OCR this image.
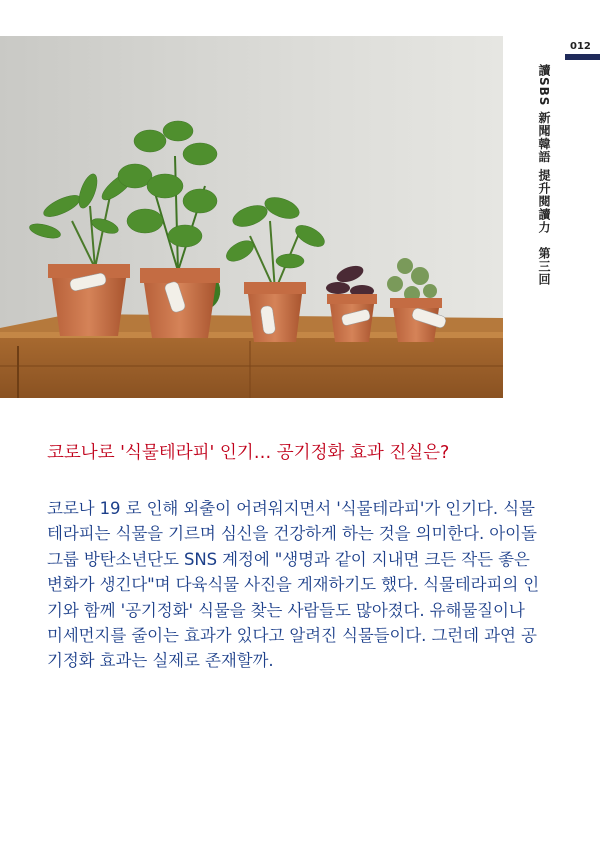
012
讀SBS 新聞韓語 提升閱讀力　第三回
코로나로 '식물테라피' 인기… 공기정화 효과 진실은?

코로나 19 로 인해 외출이 어려워지면서 '식물테라피'가 인기다. 식물테라피는 식물을 기르며 심신을 건강하게 하는 것을 의미한다. 아이돌 그룹 방탄소년단도 SNS 계정에 "생명과 같이 지내면 크든 작든 좋은 변화가 생긴다"며 다육식물 사진을 게재하기도 했다. 식물테라피의 인기와 함께 '공기정화' 식물을 찾는 사람들도 많아졌다. 유해물질이나 미세먼지를 줄이는 효과가 있다고 알려진 식물들이다. 그런데 과연 공기정화 효과는 실제로 존재할까.
